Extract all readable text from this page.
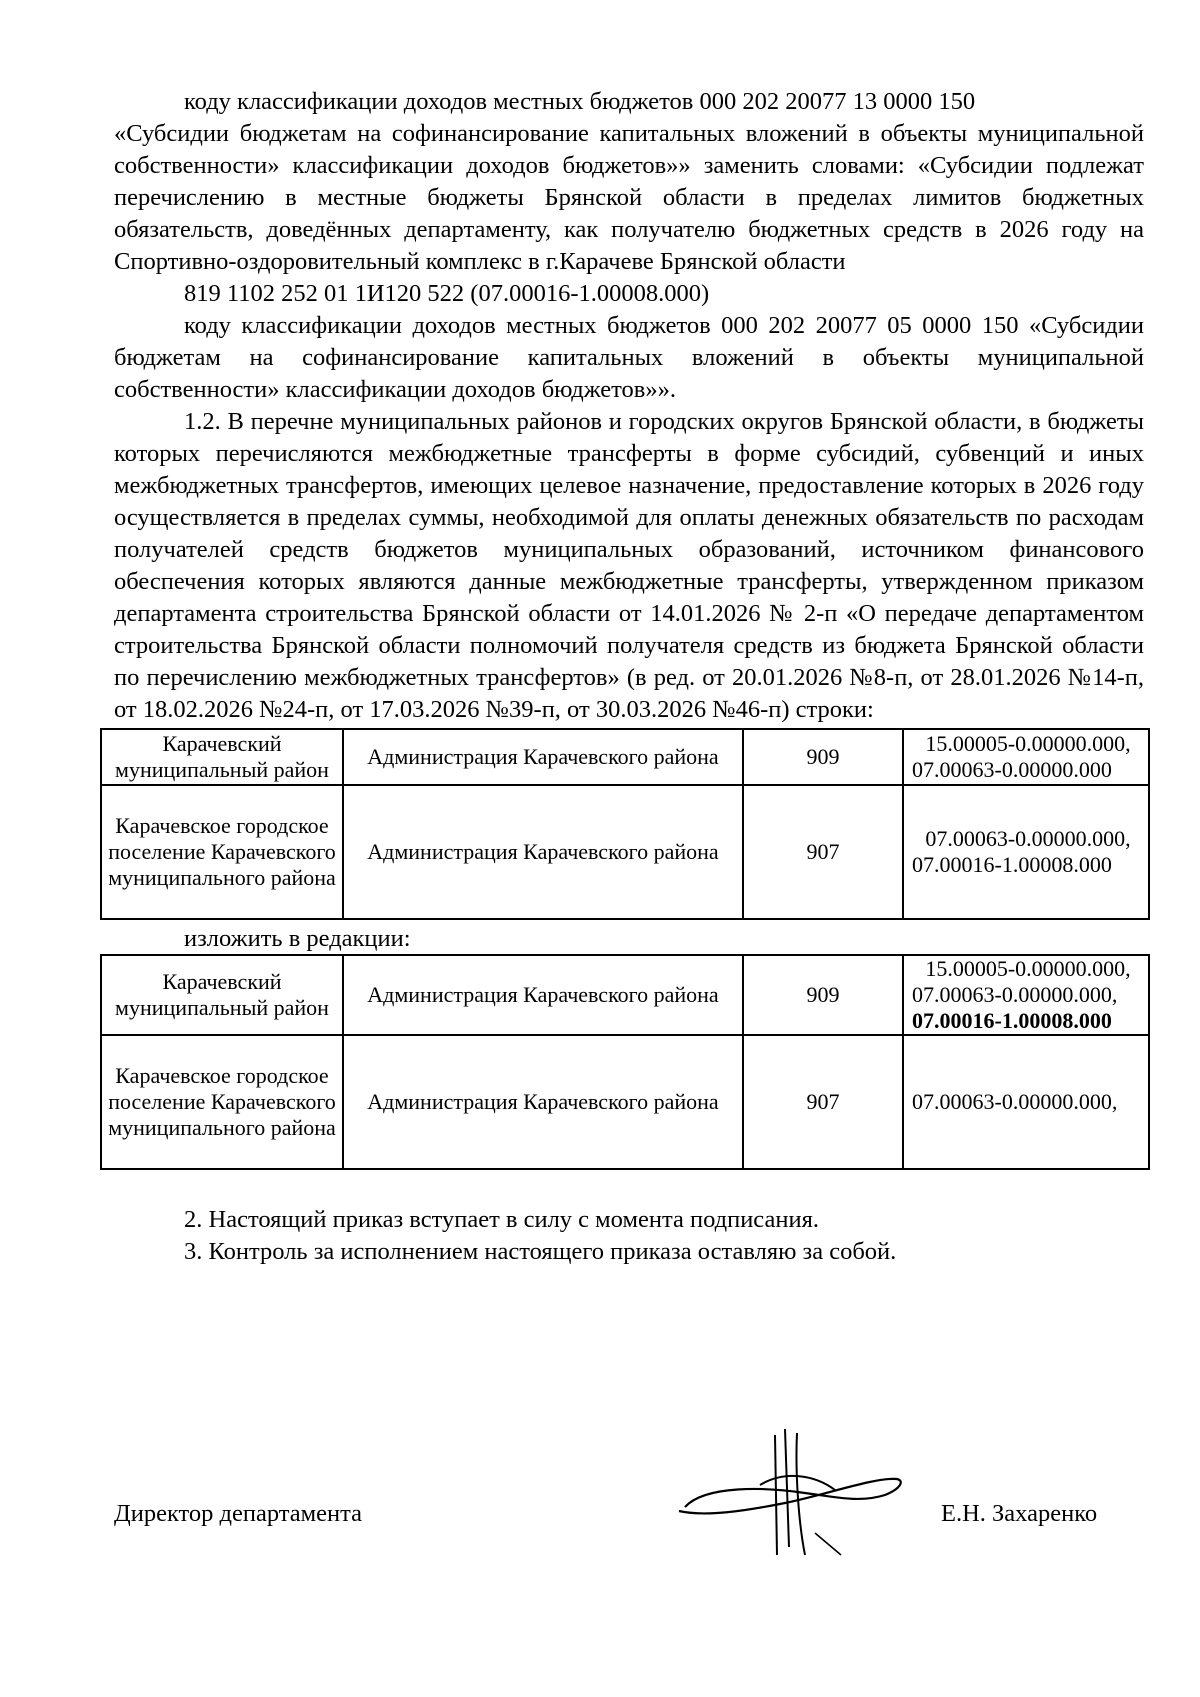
коду классификации доходов местных бюджетов 000 202 20077 13 0000 150

«Субсидии бюджетам на софинансирование капитальных вложений в объекты муниципальной собственности» классификации доходов бюджетов»» заменить словами: «Субсидии подлежат перечислению в местные бюджеты Брянской области в пределах лимитов бюджетных обязательств, доведённых департаменту, как получателю бюджетных средств в 2026 году на Спортивно-оздоровительный комплекс в г.Карачеве Брянской области

819 1102 252 01 1И120 522 (07.00016-1.00008.000)

коду классификации доходов местных бюджетов 000 202 20077 05 0000 150 «Субсидии бюджетам на софинансирование капитальных вложений в объекты муниципальной собственности» классификации доходов бюджетов»».

1.2. В перечне муниципальных районов и городских округов Брянской области, в бюджеты которых перечисляются межбюджетные трансферты в форме субсидий, субвенций и иных межбюджетных трансфертов, имеющих целевое назначение, предоставление которых в 2026 году осуществляется в пределах суммы, необходимой для оплаты денежных обязательств по расходам получателей средств бюджетов муниципальных образований, источником финансового обеспечения которых являются данные межбюджетные трансферты, утвержденном приказом департамента строительства Брянской области от 14.01.2026 № 2-п «О передаче департаментом строительства Брянской области полномочий получателя средств из бюджета Брянской области по перечислению межбюджетных трансфертов» (в ред. от 20.01.2026 №8-п, от 28.01.2026 №14-п, от 18.02.2026 №24-п, от 17.03.2026 №39-п, от 30.03.2026 №46-п) строки:

Карачевский муниципальный район	Администрация Карачевского района	909	15.00005-0.00000.000,
07.00063-0.00000.000

Карачевское городское поселение Карачевского муниципального района	Администрация Карачевского района	907	07.00063-0.00000.000,
07.00016-1.00008.000

изложить в редакции:

Карачевский муниципальный район	Администрация Карачевского района	909	15.00005-0.00000.000,
07.00063-0.00000.000,
07.00016-1.00008.000

Карачевское городское поселение Карачевского муниципального района	Администрация Карачевского района	907	07.00063-0.00000.000,

2. Настоящий приказ вступает в силу с момента подписания.

3. Контроль за исполнением настоящего приказа оставляю за собой.

Директор департамента	Е.Н. Захаренко
